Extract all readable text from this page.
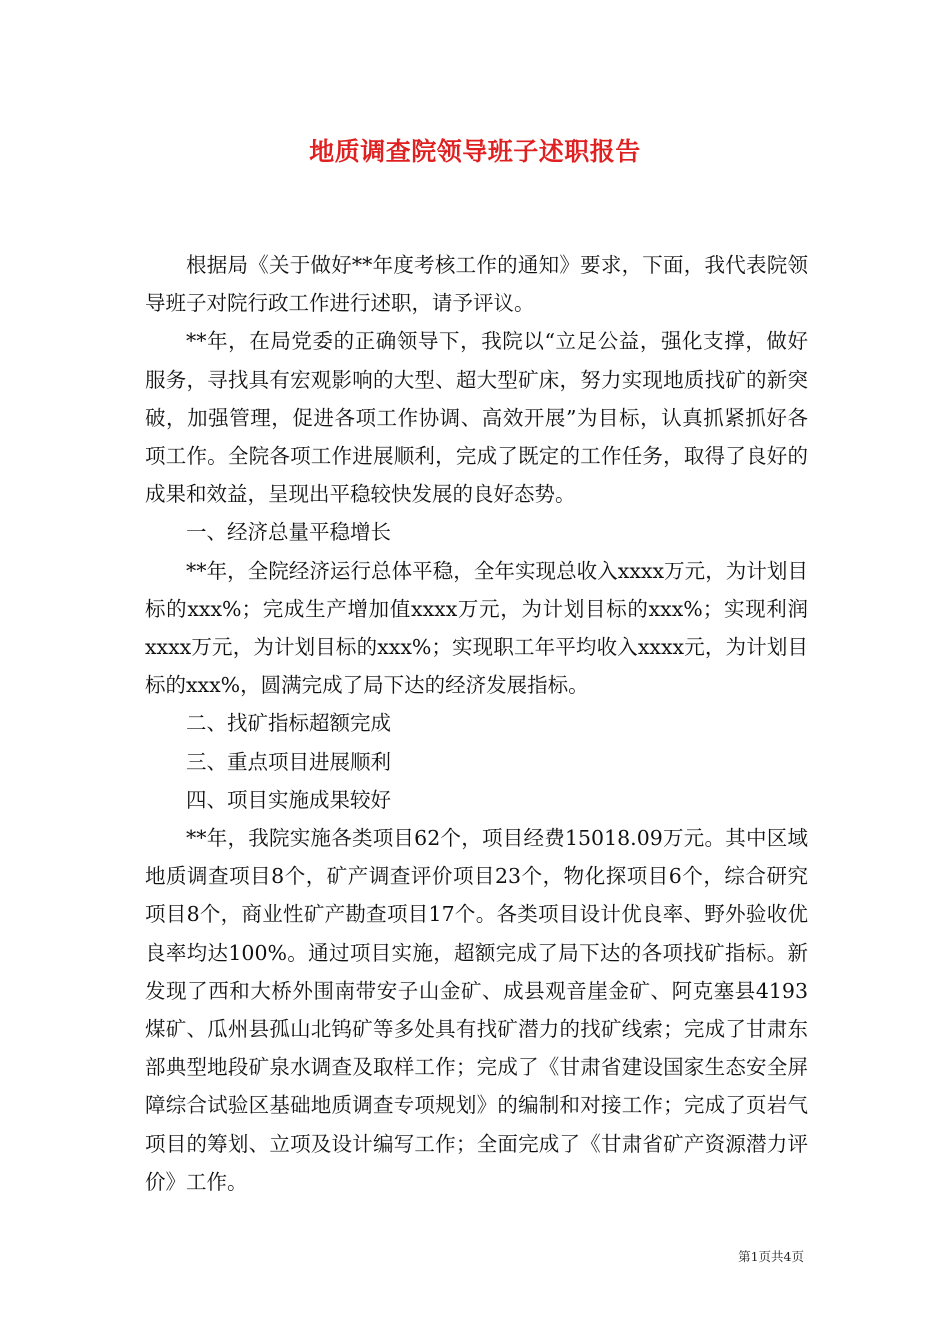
地质调查院领导班子述职报告

根据局《关于做好**年度考核工作的通知》要求，下面，我代表院领导班子对院行政工作进行述职，请予评议。

**年，在局党委的正确领导下，我院以“立足公益，强化支撑，做好服务，寻找具有宏观影响的大型、超大型矿床，努力实现地质找矿的新突破，加强管理，促进各项工作协调、高效开展”为目标，认真抓紧抓好各项工作。全院各项工作进展顺利，完成了既定的工作任务，取得了良好的成果和效益，呈现出平稳较快发展的良好态势。

一、经济总量平稳增长

**年，全院经济运行总体平稳，全年实现总收入xxxx万元，为计划目标的xxx%；完成生产增加值xxxx万元，为计划目标的xxx%；实现利润xxxx万元，为计划目标的xxx%；实现职工年平均收入xxxx元，为计划目标的xxx%，圆满完成了局下达的经济发展指标。

二、找矿指标超额完成

三、重点项目进展顺利

四、项目实施成果较好

**年，我院实施各类项目62个，项目经费15018.09万元。其中区域地质调查项目8个，矿产调查评价项目23个，物化探项目6个，综合研究项目8个，商业性矿产勘查项目17个。各类项目设计优良率、野外验收优良率均达100%。通过项目实施，超额完成了局下达的各项找矿指标。新发现了西和大桥外围南带安子山金矿、成县观音崖金矿、阿克塞县4193煤矿、瓜州县孤山北钨矿等多处具有找矿潜力的找矿线索；完成了甘肃东部典型地段矿泉水调查及取样工作；完成了《甘肃省建设国家生态安全屏障综合试验区基础地质调查专项规划》的编制和对接工作；完成了页岩气项目的筹划、立项及设计编写工作；全面完成了《甘肃省矿产资源潜力评价》工作。

第1页共4页
